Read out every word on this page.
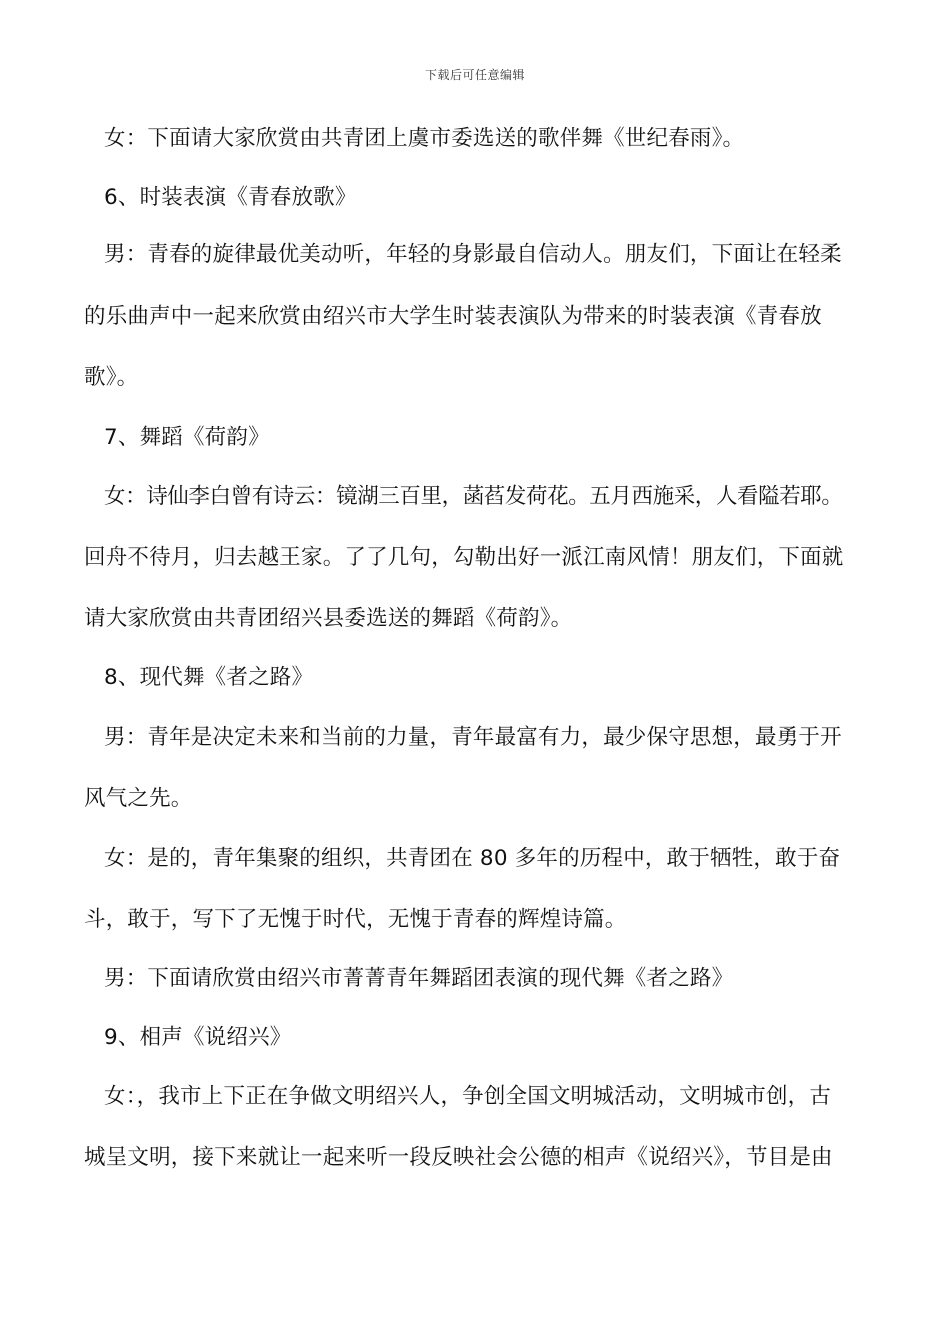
下载后可任意编辑
女：下面请大家欣赏由共青团上虞市委选送的歌伴舞《世纪春雨》。
6、时装表演《青春放歌》
男：青春的旋律最优美动听，年轻的身影最自信动人。朋友们，下面让在轻柔
的乐曲声中一起来欣赏由绍兴市大学生时装表演队为带来的时装表演《青春放
歌》。
7、舞蹈《荷韵》
女：诗仙李白曾有诗云：镜湖三百里，菡萏发荷花。五月西施采，人看隘若耶。
回舟不待月，归去越王家。了了几句，勾勒出好一派江南风情！朋友们，下面就
请大家欣赏由共青团绍兴县委选送的舞蹈《荷韵》。
8、现代舞《者之路》
男：青年是决定未来和当前的力量，青年最富有力，最少保守思想，最勇于开
风气之先。
女：是的，青年集聚的组织，共青团在 80 多年的历程中，敢于牺牲，敢于奋
斗，敢于，写下了无愧于时代，无愧于青春的辉煌诗篇。
男：下面请欣赏由绍兴市菁菁青年舞蹈团表演的现代舞《者之路》
9、相声《说绍兴》
女：，我市上下正在争做文明绍兴人，争创全国文明城活动，文明城市创，古
城呈文明，接下来就让一起来听一段反映社会公德的相声《说绍兴》，节目是由
